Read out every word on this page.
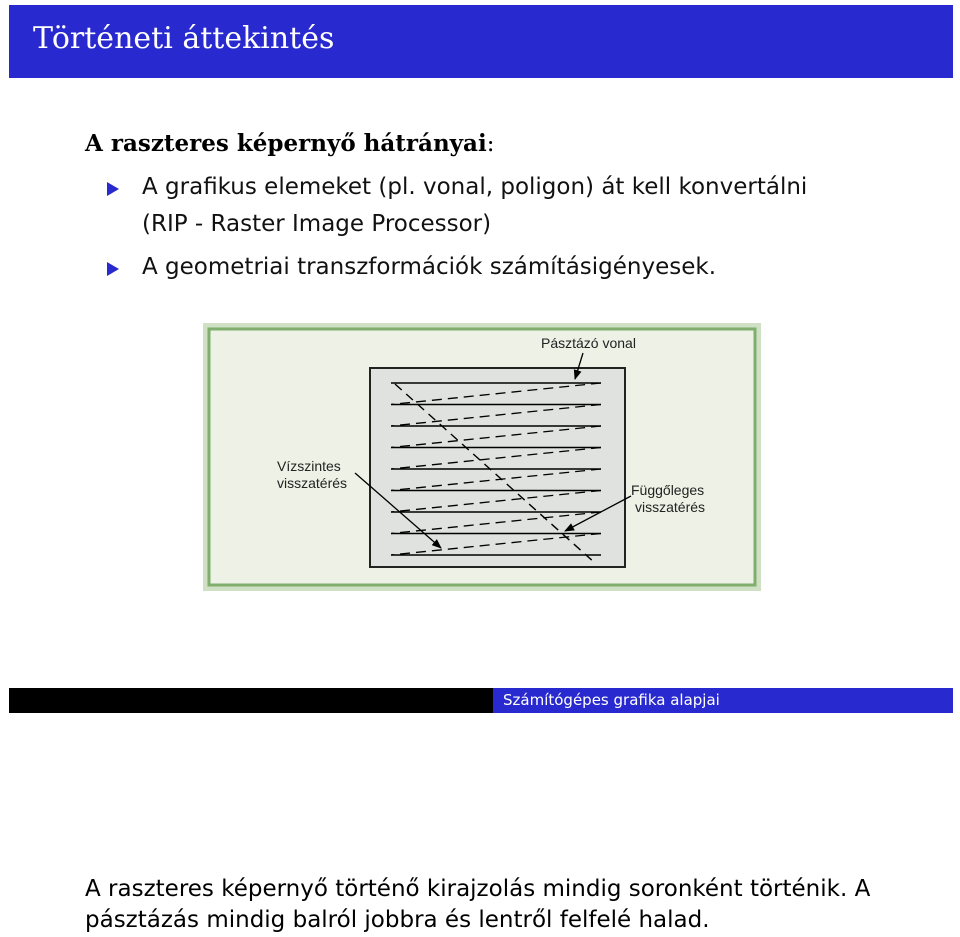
Történeti áttekintés
A raszteres képernyő hátrányai:
A grafikus elemeket (pl. vonal, poligon) át kell konvertálni
(RIP - Raster Image Processor)
A geometriai transzformációk számításigényesek.
Pásztázó vonal
Vízszintes
visszatérés	Függőleges
visszatérés
Számítógépes grafika alapjai
A raszteres képernyő történő kirajzolás mindig soronként történik. A
pásztázás mindig balról jobbra és lentről felfelé halad.
